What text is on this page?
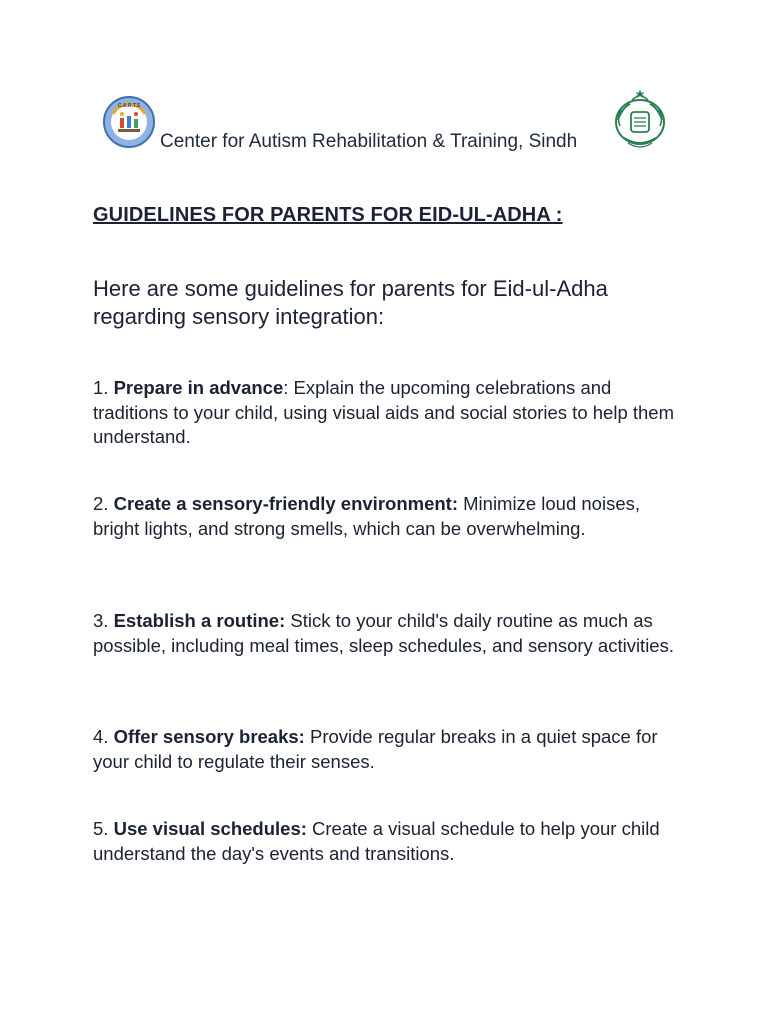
C.A.R.T.S
Center for Autism Rehabilitation & Training, Sindh
★
GUIDELINES FOR PARENTS FOR EID-UL-ADHA :
Here are some guidelines for parents for Eid-ul-Adha regarding sensory integration:
1. Prepare in advance: Explain the upcoming celebrations and traditions to your child, using visual aids and social stories to help them understand.
2. Create a sensory-friendly environment: Minimize loud noises, bright lights, and strong smells, which can be overwhelming.
3. Establish a routine: Stick to your child's daily routine as much as possible, including meal times, sleep schedules, and sensory activities.
4. Offer sensory breaks: Provide regular breaks in a quiet space for your child to regulate their senses.
5. Use visual schedules: Create a visual schedule to help your child understand the day's events and transitions.
